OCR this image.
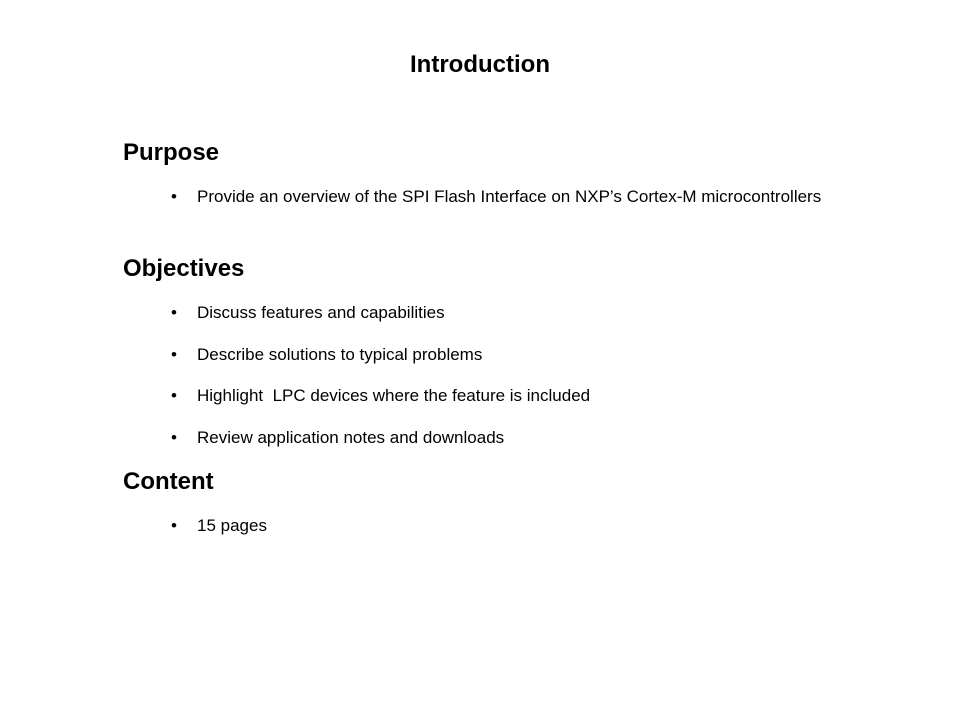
Introduction
Purpose
•	Provide an overview of the SPI Flash Interface on NXP’s Cortex-M microcontrollers
Objectives
•	Discuss features and capabilities
•	Describe solutions to typical problems
•	Highlight  LPC devices where the feature is included
•	Review application notes and downloads
Content
•	15 pages
